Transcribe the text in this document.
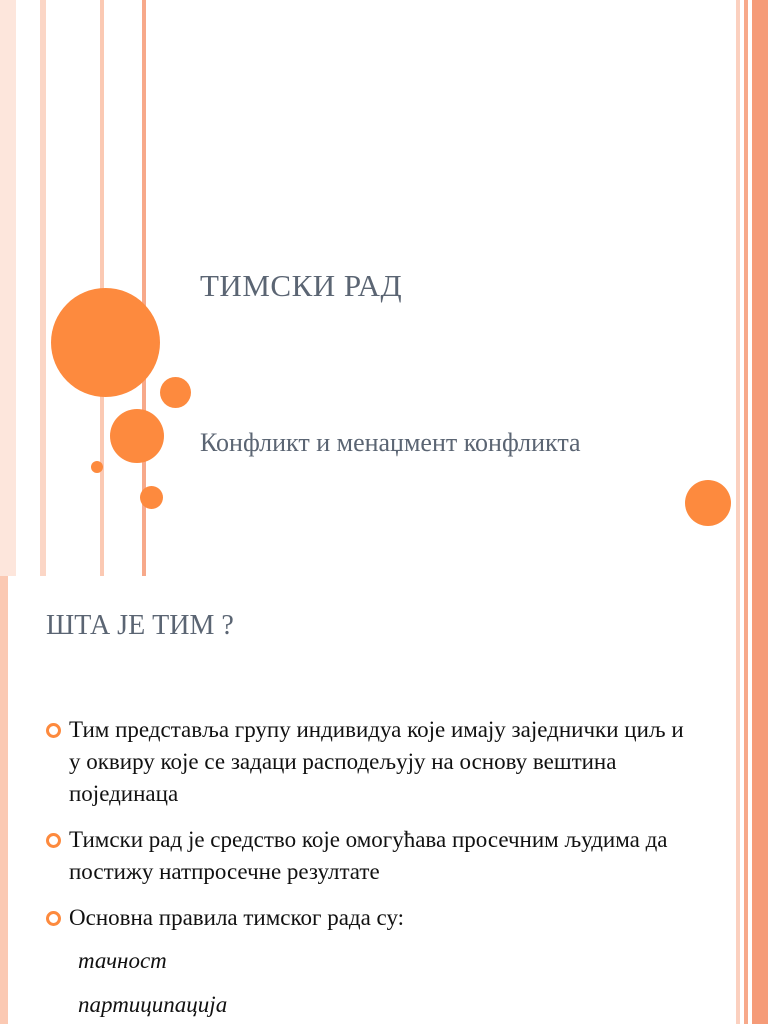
ТИМСКИ РАД
Конфликт и менаџмент конфликта
ШТА ЈЕ ТИМ ?
Тим представља групу индивидуа које имају заједнички циљ и у оквиру које се задаци расподељују на основу вештина појединаца
Тимски рад је средство које омогућава просечним људима да постижу натпросечне резултате
Основна правила тимског рада су:
тачност
партиципација
